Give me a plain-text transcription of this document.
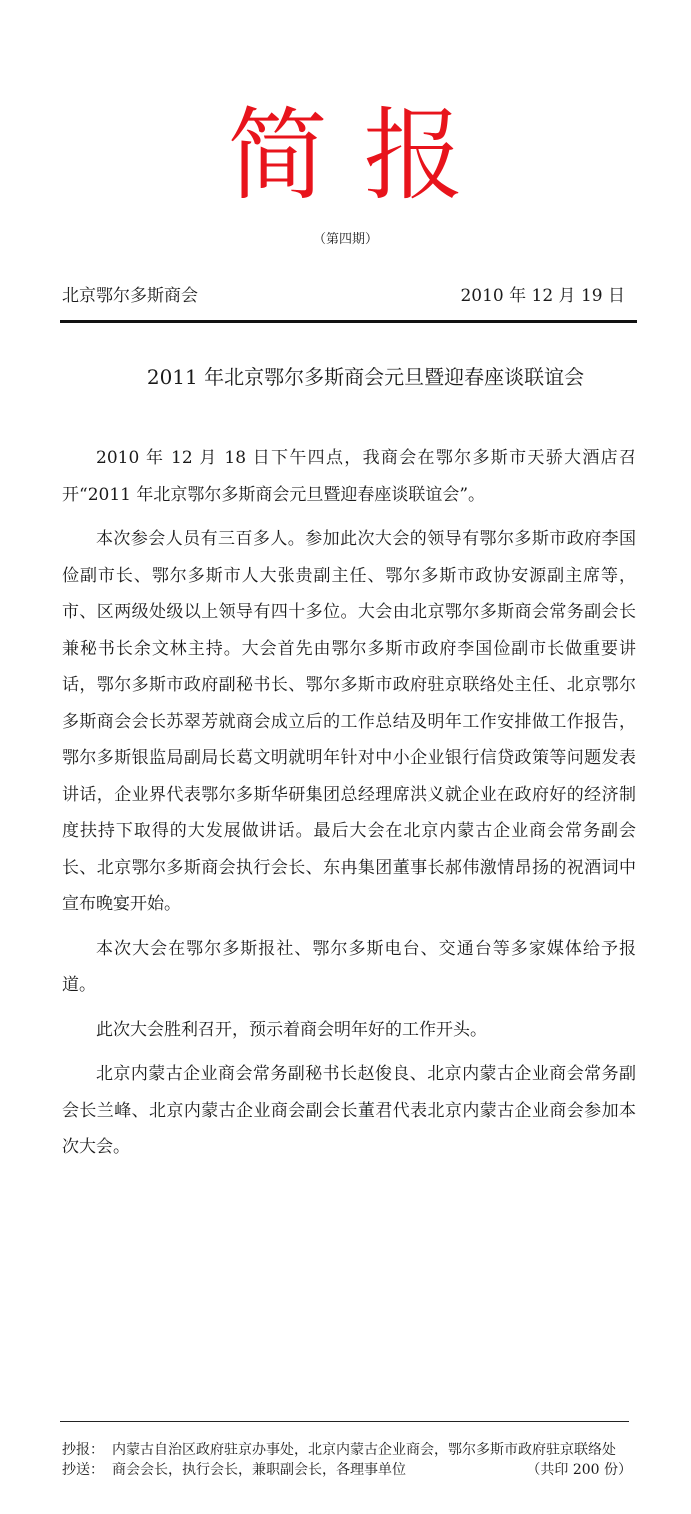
简报
（第四期）
北京鄂尔多斯商会	2010 年 12 月 19 日
2011 年北京鄂尔多斯商会元旦暨迎春座谈联谊会

2010 年 12 月 18 日下午四点，我商会在鄂尔多斯市天骄大酒店召开“2011 年北京鄂尔多斯商会元旦暨迎春座谈联谊会”。

本次参会人员有三百多人。参加此次大会的领导有鄂尔多斯市政府李国俭副市长、鄂尔多斯市人大张贵副主任、鄂尔多斯市政协安源副主席等，市、区两级处级以上领导有四十多位。大会由北京鄂尔多斯商会常务副会长兼秘书长余文林主持。大会首先由鄂尔多斯市政府李国俭副市长做重要讲话，鄂尔多斯市政府副秘书长、鄂尔多斯市政府驻京联络处主任、北京鄂尔多斯商会会长苏翠芳就商会成立后的工作总结及明年工作安排做工作报告，鄂尔多斯银监局副局长葛文明就明年针对中小企业银行信贷政策等问题发表讲话，企业界代表鄂尔多斯华研集团总经理席洪义就企业在政府好的经济制度扶持下取得的大发展做讲话。最后大会在北京内蒙古企业商会常务副会长、北京鄂尔多斯商会执行会长、东冉集团董事长郝伟激情昂扬的祝酒词中宣布晚宴开始。

本次大会在鄂尔多斯报社、鄂尔多斯电台、交通台等多家媒体给予报道。

此次大会胜利召开，预示着商会明年好的工作开头。

北京内蒙古企业商会常务副秘书长赵俊良、北京内蒙古企业商会常务副会长兰峰、北京内蒙古企业商会副会长董君代表北京内蒙古企业商会参加本次大会。

抄报： 内蒙古自治区政府驻京办事处，北京内蒙古企业商会，鄂尔多斯市政府驻京联络处
抄送： 商会会长，执行会长，兼职副会长，各理事单位	（共印 200 份）
